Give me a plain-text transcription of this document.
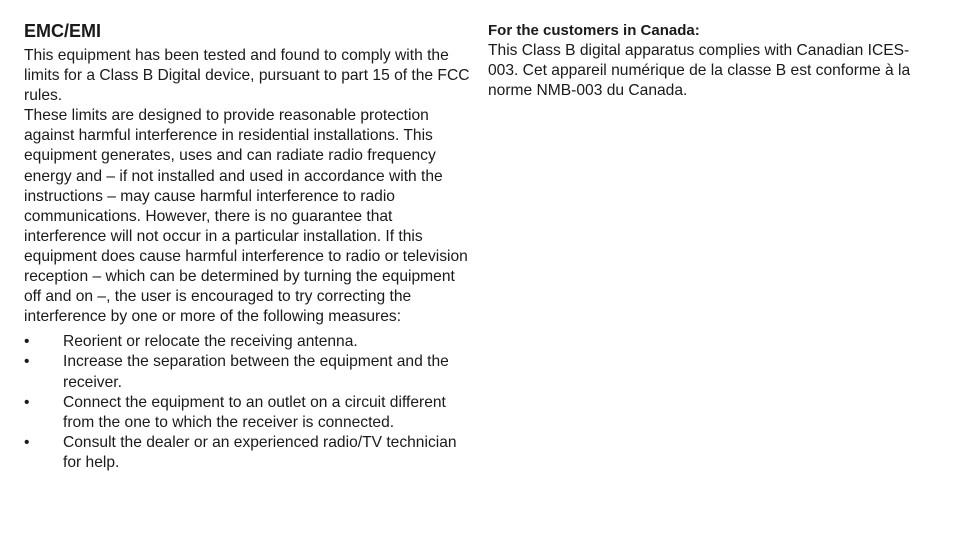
EMC/EMI

This equipment has been tested and found to comply with the limits for a Class B Digital device, pursuant to part 15 of the FCC rules.

These limits are designed to provide reasonable protection against harmful interference in residential installations. This equipment generates, uses and can radiate radio frequency energy and – if not installed and used in accordance with the instructions – may cause harmful interference to radio communications. However, there is no guarantee that interference will not occur in a particular installation. If this equipment does cause harmful interference to radio or television reception – which can be determined by turning the equipment off and on –, the user is encouraged to try correcting the interference by one or more of the following measures:

• Reorient or relocate the receiving antenna.
• Increase the separation between the equipment and the receiver.
• Connect the equipment to an outlet on a circuit different from the one to which the receiver is connected.
• Consult the dealer or an experienced radio/TV technician for help.
For the customers in Canada:

This Class B digital apparatus complies with Canadian ICES-003. Cet appareil numérique de la classe B est conforme à la norme NMB-003 du Canada.
